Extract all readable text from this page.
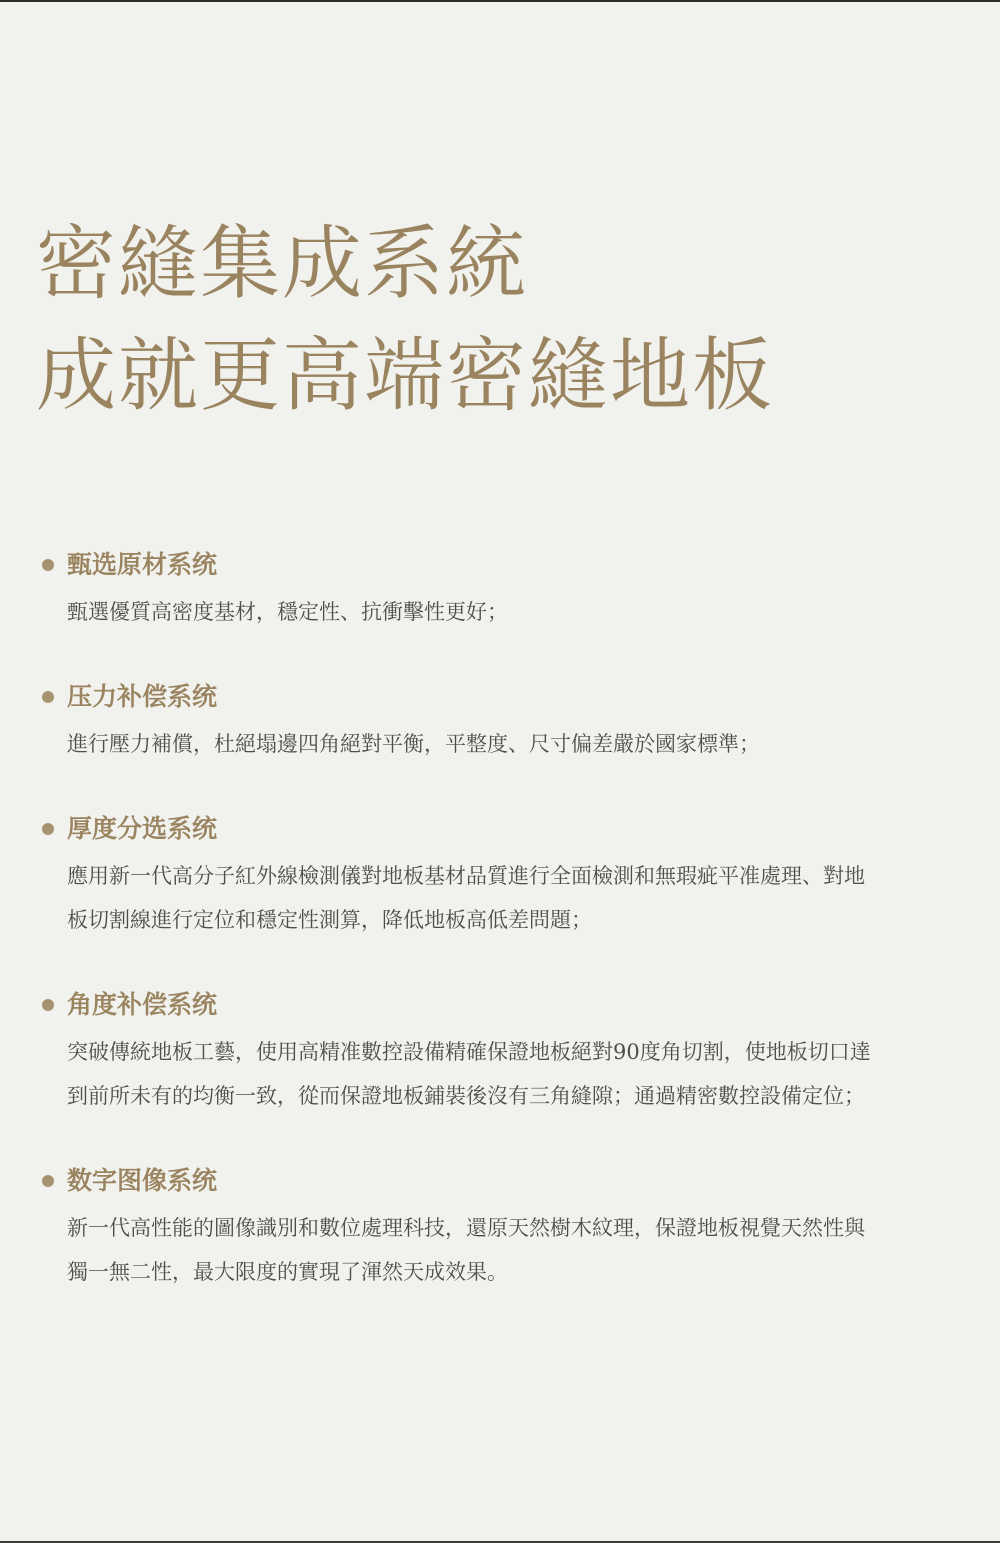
密縫集成系統
成就更高端密縫地板
甄选原材系统
甄選優質高密度基材，穩定性、抗衝擊性更好；
压力补偿系统
進行壓力補償，杜絕塌邊四角絕對平衡，平整度、尺寸偏差嚴於國家標準；
厚度分选系统
應用新一代高分子紅外線檢測儀對地板基材品質進行全面檢測和無瑕疵平准處理、對地
板切割線進行定位和穩定性測算，降低地板高低差問題；
角度补偿系统
突破傳統地板工藝，使用高精准數控設備精確保證地板絕對90度角切割，使地板切口達
到前所未有的均衡一致，從而保證地板鋪裝後沒有三角縫隙；通過精密數控設備定位；
数字图像系统
新一代高性能的圖像識別和數位處理科技，還原天然樹木紋理，保證地板視覺天然性與
獨一無二性，最大限度的實現了渾然天成效果。
